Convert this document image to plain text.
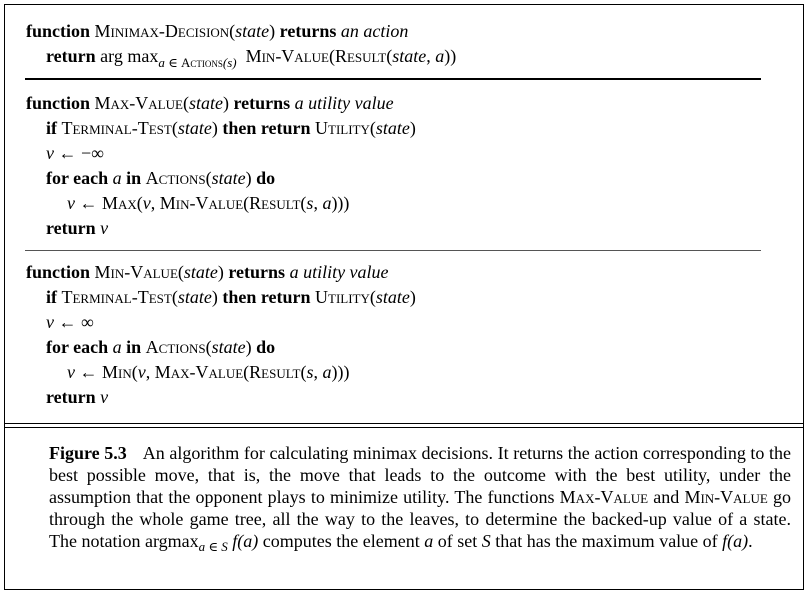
function Minimax-Decision(state) returns an action
return arg $\max_{a \in Actions(s)}$ Min-Value(Result(state, a))
function Max-Value(state) returns a utility value
if Terminal-Test(state) then return Utility(state)
v ← −∞
for each a in Actions(state) do
v ← Max(v, Min-Value(Result(s, a)))
return v
function Min-Value(state) returns a utility value
if Terminal-Test(state) then return Utility(state)
v ← ∞
for each a in Actions(state) do
v ← Min(v, Max-Value(Result(s, a)))
return v
Figure 5.3 An algorithm for calculating minimax decisions. It returns the action corresponding to the best possible move, that is, the move that leads to the outcome with the best utility, under the assumption that the opponent plays to minimize utility. The functions Max-Value and Min-Value go through the whole game tree, all the way to the leaves, to determine the backed-up value of a state. The notation argmax$_{a \in S}$ f(a) computes the element a of set S that has the maximum value of f(a).
